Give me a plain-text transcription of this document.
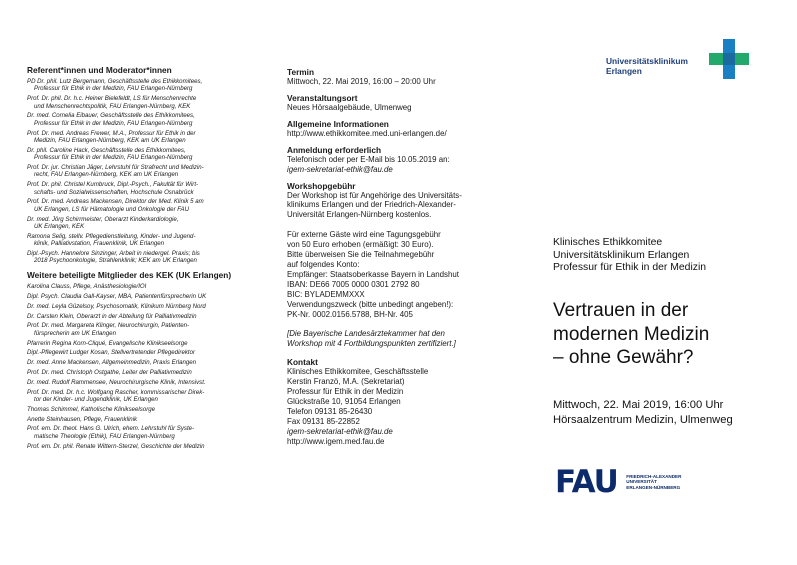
Referent*innen und Moderator*innen

PD Dr. phil. Lutz Bergemann, Geschäftsstelle des Ethikkomitees,
Professur für Ethik in der Medizin, FAU Erlangen-Nürnberg

Prof. Dr. phil. Dr. h.c. Heiner Bielefeldt, LS für Menschenrechte
und Menschenrechtspolitik, FAU Erlangen-Nürnberg, KEK

Dr. med. Cornelia Eibauer, Geschäftsstelle des Ethikkomitees,
Professur für Ethik in der Medizin, FAU Erlangen-Nürnberg

Prof. Dr. med. Andreas Frewer, M.A., Professur für Ethik in der
Medizin, FAU Erlangen-Nürnberg, KEK am UK Erlangen

Dr. phil. Caroline Hack, Geschäftsstelle des Ethikkomitees,
Professur für Ethik in der Medizin, FAU Erlangen-Nürnberg

Prof. Dr. jur. Christian Jäger, Lehrstuhl für Strafrecht und Medizin-
recht, FAU Erlangen-Nürnberg, KEK am UK Erlangen

Prof. Dr. phil. Christel Kumbruck, Dipl.-Psych., Fakultät für Wirt-
schafts- und Sozialwissenschaften, Hochschule Osnabrück

Prof. Dr. med. Andreas Mackensen, Direktor der Med. Klinik 5 am
UK Erlangen, LS für Hämatologie und Onkologie der FAU

Dr. med. Jörg Schirrmeister, Oberarzt Kinderkardiologie,
UK Erlangen, KEK

Ramona Selig, stellv. Pflegedienstleitung, Kinder- und Jugend-
klinik, Palliativstation, Frauenklinik, UK Erlangen

Dipl.-Psych. Hannelore Sinzinger, Arbeit in niedergel. Praxis; bis
2018 Psychoonkologie, Strahlenklinik; KEK am UK Erlangen

Weitere beteiligte Mitglieder des KEK (UK Erlangen)

Karolina Clauss, Pflege, Anästhesiologie/IOI

Dipl. Psych. Claudia Gall-Kayser, MBA, Patientenfürsprecherin UK

Dr. med. Leyla Güzelsoy, Psychosomatik, Klinikum Nürnberg Nord

Dr. Carsten Klein, Oberarzt in der Abteilung für Palliativmedizin

Prof. Dr. med. Margareta Klinger, Neurochirurgin, Patienten-
fürsprecherin am UK Erlangen

Pfarrerin Regina Korn-Cliqué, Evangelische Klinikseelsorge

Dipl.-Pflegewirt Ludger Kosan, Stellvertretender Pflegedirektor

Dr. med. Anne Mackensen, Allgemeinmedizin, Praxis Erlangen

Prof. Dr. med. Christoph Ostgathe, Leiter der Palliativmedizin

Dr. med. Rudolf Rammensee, Neurochirurgische Klinik, Intensivst.

Prof. Dr. med. Dr. h.c. Wolfgang Rascher, kommissarischer Direk-
tor der Kinder- und Jugendklinik, UK Erlangen

Thomas Schimmel, Katholische Klinikseelsorge

Anette Steinhausen, Pflege, Frauenklinik

Prof. em. Dr. theol. Hans G. Ulrich, ehem. Lehrstuhl für Syste-
matische Theologie (Ethik), FAU Erlangen-Nürnberg

Prof. em. Dr. phil. Renate Wittern-Sterzel, Geschichte der Medizin

Termin

Mittwoch, 22. Mai 2019, 16:00 – 20:00 Uhr

Veranstaltungsort

Neues Hörsaalgebäude, Ulmenweg

Allgemeine Informationen

http://www.ethikkomitee.med.uni-erlangen.de/

Anmeldung erforderlich

Telefonisch oder per E-Mail bis 10.05.2019 an:

igem-sekretariat-ethik@fau.de

Workshopgebühr

Der Workshop ist für Angehörige des Universitäts-
klinikums Erlangen und der Friedrich-Alexander-
Universität Erlangen-Nürnberg kostenlos.
Für externe Gäste wird eine Tagungsgebühr
von 50 Euro erhoben (ermäßigt: 30 Euro).
Bitte überweisen Sie die Teilnahmegebühr
auf folgendes Konto:
Empfänger: Staatsoberkasse Bayern in Landshut
IBAN: DE66 7005 0000 0301 2792 80
BIC: BYLADEMMXXX
Verwendungszweck (bitte unbedingt angeben!):
PK-Nr. 0002.0156.5788, BH-Nr. 405
[Die Bayerische Landesärztekammer hat den
Workshop mit 4 Fortbildungspunkten zertifiziert.]

Kontakt

Klinisches Ethikkomitee, Geschäftsstelle
Kerstin Franzö, M.A. (Sekretariat)
Professur für Ethik in der Medizin
Glückstraße 10, 91054 Erlangen
Telefon 09131 85-26430
Fax 09131 85-22852

igem-sekretariat-ethik@fau.de

http://www.igem.med.fau.de

Universitätsklinikum
Erlangen
Klinisches Ethikkomitee
Universitätsklinikum Erlangen
Professur für Ethik in der Medizin
Vertrauen in der
modernen Medizin
– ohne Gewähr?
Mittwoch, 22. Mai 2019, 16:00 Uhr
Hörsaalzentrum Medizin, Ulmenweg
FAU FRIEDRICH-ALEXANDER
UNIVERSITÄT
ERLANGEN-NÜRNBERG
